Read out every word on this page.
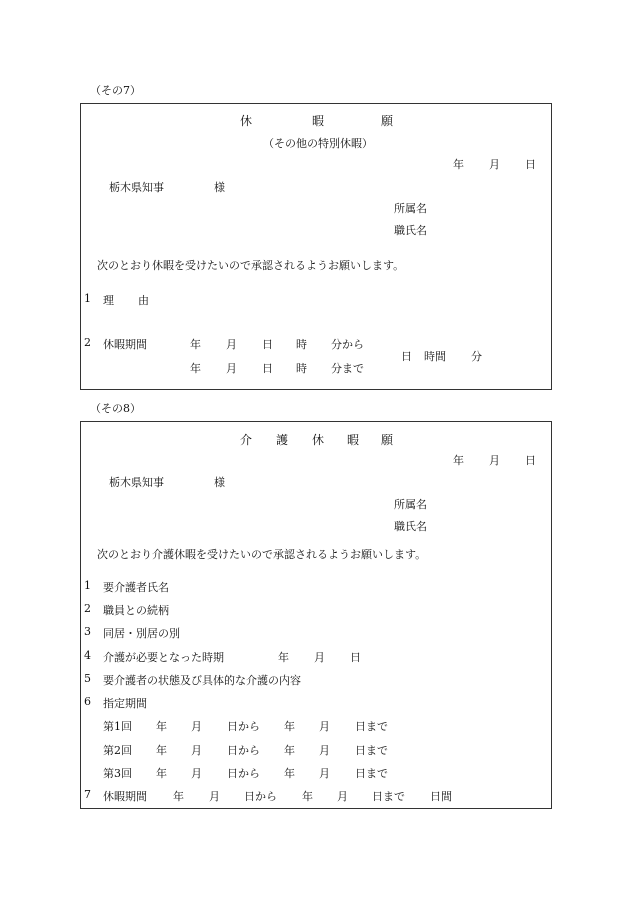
（その7）
休	暇	願
（その他の特別休暇）
年 月 日
栃木県知事	様
所属名
職氏名
次のとおり休暇を受けたいので承認されるようお願いします。
1 理 由
2 休暇期間	年 月 日 時 分から
年 月 日 時 分まで
日 時間 分
（その8）
介 護 休 暇 願
年 月 日
栃木県知事	様
所属名
職氏名
次のとおり介護休暇を受けたいので承認されるようお願いします。
1 要介護者氏名
2 職員との続柄
3 同居・別居の別
4 介護が必要となった時期	年 月 日
5 要介護者の状態及び具体的な介護の内容
6 指定期間
第1回 年 月 日から 年 月 日まで
第2回 年 月 日から 年 月 日まで
第3回 年 月 日から 年 月 日まで
7 休暇期間 年 月 日から 年 月 日まで 日間
